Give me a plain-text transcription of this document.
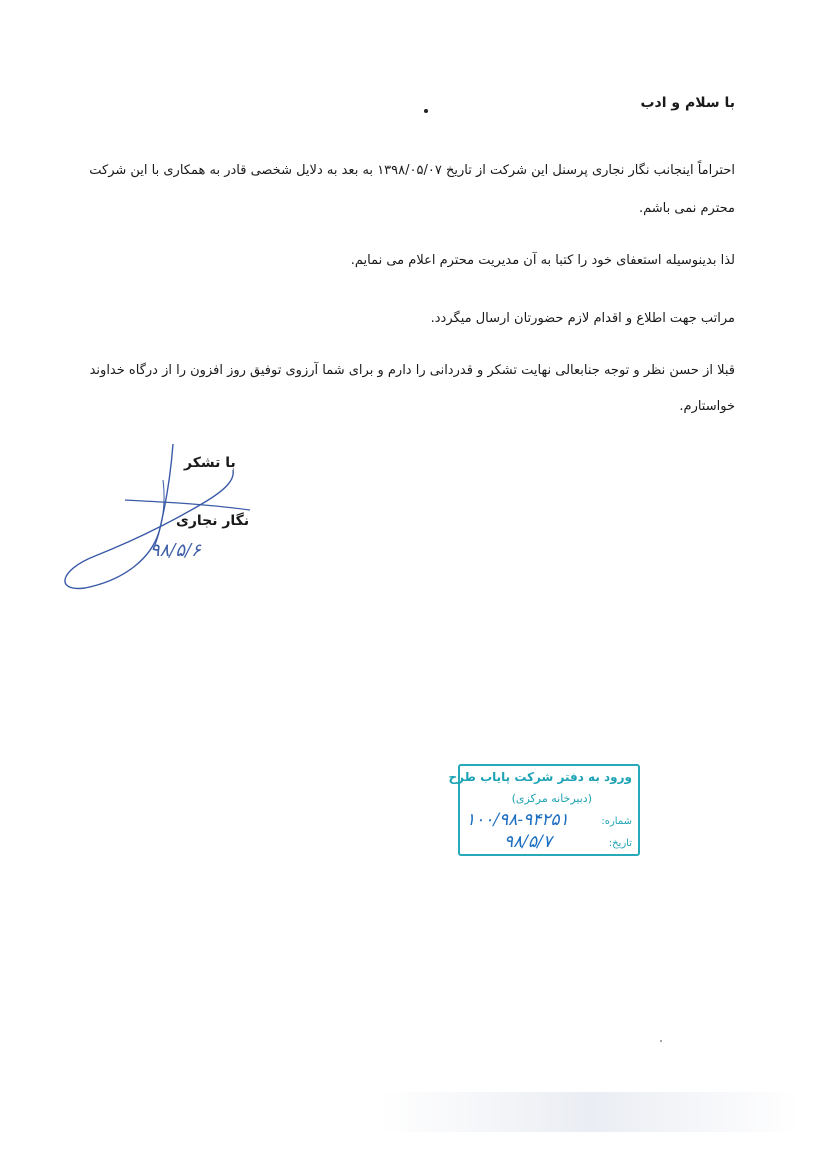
با سلام و ادب
احتراماً اینجانب نگار نجاری پرسنل این شرکت از تاریخ ۱۳۹۸/۰۵/۰۷ به بعد به دلایل شخصی قادر به همکاری با این شرکت
محترم نمی باشم.
لذا بدینوسیله استعفای خود را کتبا به آن مدیریت محترم اعلام می نمایم.
مراتب جهت اطلاع و اقدام لازم حضورتان ارسال میگردد.
قبلا از حسن نظر و توجه جنابعالی نهایت تشکر و قدردانی را دارم و برای شما آرزوی توفیق روز افزون را از درگاه خداوند
خواستارم.
با تشکر
نگار نجاری
۹۸/۵/۶
ورود به دفتر شرکت پایاب طرح
(دبیرخانه مرکزی)
شماره:
۱۰۰/۹۸-۹۴۲۵۱
تاریخ:
۹۸/۵/۷
